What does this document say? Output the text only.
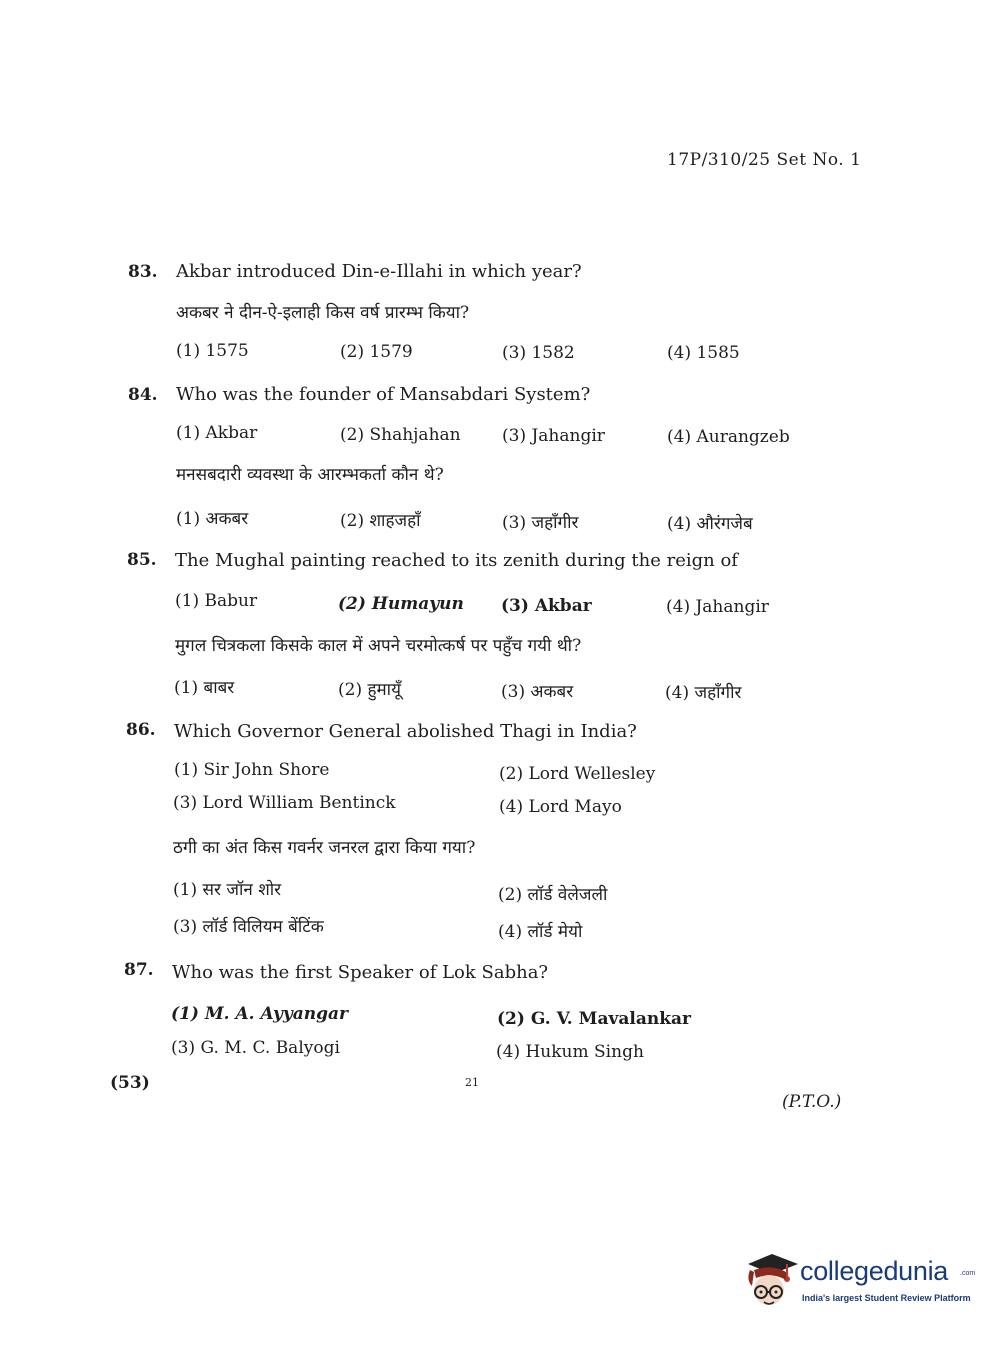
17P/310/25 Set No. 1
83. Akbar introduced Din-e-Illahi in which year?
अकबर ने दीन-ऐ-इलाही किस वर्ष प्रारम्भ किया?
(1) 1575	(2) 1579	(3) 1582	(4) 1585
84. Who was the founder of Mansabdari System?
(1) Akbar	(2) Shahjahan (3) Jahangir	(4) Aurangzeb
मनसबदारी व्यवस्था के आरम्भकर्ता कौन थे?
(1) अकबर	(2) शाहजहाँ	(3) जहाँगीर	(4) औरंगजेब
85. The Mughal painting reached to its zenith during the reign of
(1) Babur	(2) Humayun (3) Akbar	(4) Jahangir
मुगल चित्रकला किसके काल में अपने चरमोत्कर्ष पर पहुँच गयी थी?
(1) बाबर	(2) हुमायूँ	(3) अकबर	(4) जहाँगीर
86. Which Governor General abolished Thagi in India?
(1) Sir John Shore	(2) Lord Wellesley
(3) Lord William Bentinck	(4) Lord Mayo
ठगी का अंत किस गवर्नर जनरल द्वारा किया गया?
(1) सर जॉन शोर	(2) लॉर्ड वेलेजली
(3) लॉर्ड विलियम बेंटिंक	(4) लॉर्ड मेयो
87. Who was the first Speaker of Lok Sabha?
(1) M. A. Ayyangar	(2) G. V. Mavalankar
(3) G. M. C. Balyogi	(4) Hukum Singh
(53)	21
(P.T.O.)
collegedunia .com
India's largest Student Review Platform
